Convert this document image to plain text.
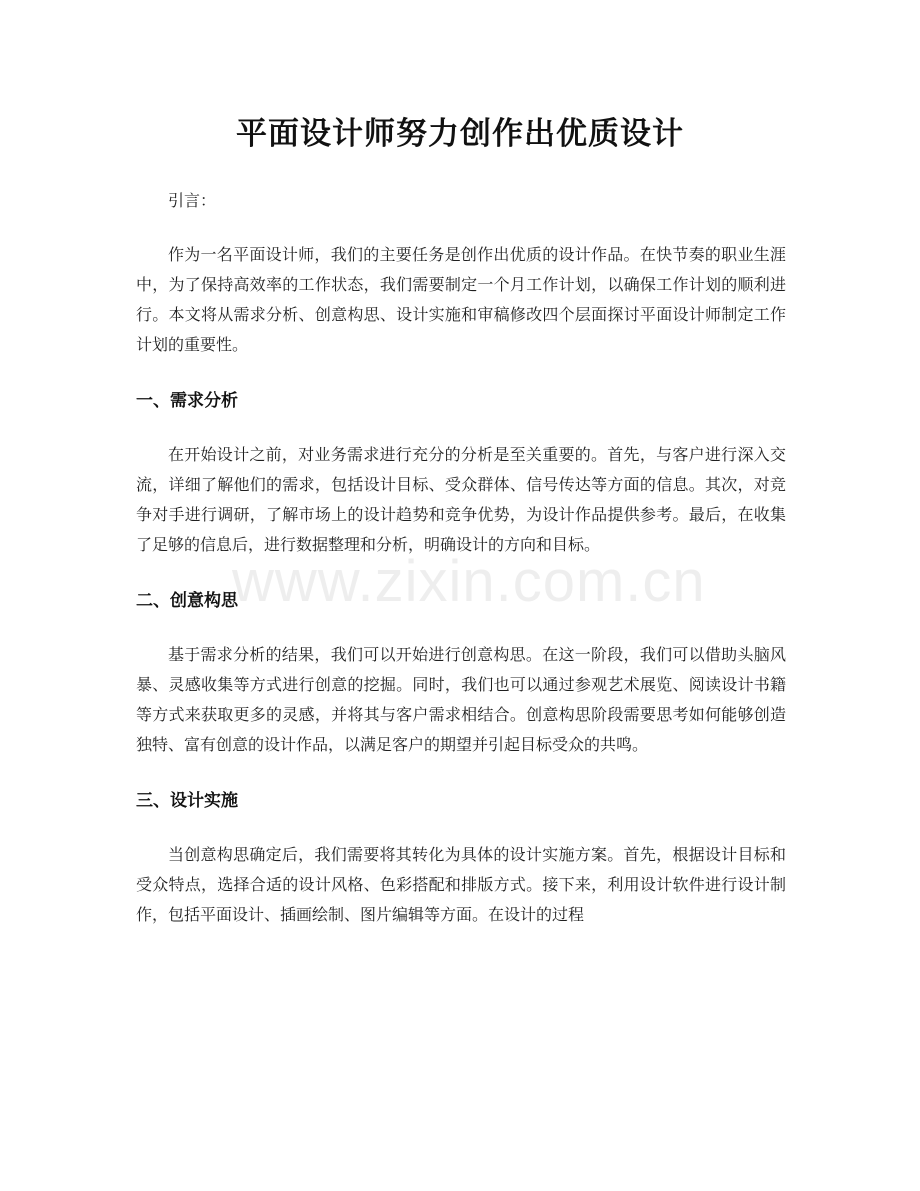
平面设计师努力创作出优质设计

引言：

作为一名平面设计师，我们的主要任务是创作出优质的设计作品。在快节奏的职业生涯中，为了保持高效率的工作状态，我们需要制定一个月工作计划，以确保工作计划的顺利进行。本文将从需求分析、创意构思、设计实施和审稿修改四个层面探讨平面设计师制定工作计划的重要性。

一、需求分析

在开始设计之前，对业务需求进行充分的分析是至关重要的。首先，与客户进行深入交流，详细了解他们的需求，包括设计目标、受众群体、信号传达等方面的信息。其次，对竞争对手进行调研，了解市场上的设计趋势和竞争优势，为设计作品提供参考。最后，在收集了足够的信息后，进行数据整理和分析，明确设计的方向和目标。

二、创意构思

基于需求分析的结果，我们可以开始进行创意构思。在这一阶段，我们可以借助头脑风暴、灵感收集等方式进行创意的挖掘。同时，我们也可以通过参观艺术展览、阅读设计书籍等方式来获取更多的灵感，并将其与客户需求相结合。创意构思阶段需要思考如何能够创造独特、富有创意的设计作品，以满足客户的期望并引起目标受众的共鸣。

三、设计实施

当创意构思确定后，我们需要将其转化为具体的设计实施方案。首先，根据设计目标和受众特点，选择合适的设计风格、色彩搭配和排版方式。接下来，利用设计软件进行设计制作，包括平面设计、插画绘制、图片编辑等方面。在设计的过程

www.zixin.com.cn
